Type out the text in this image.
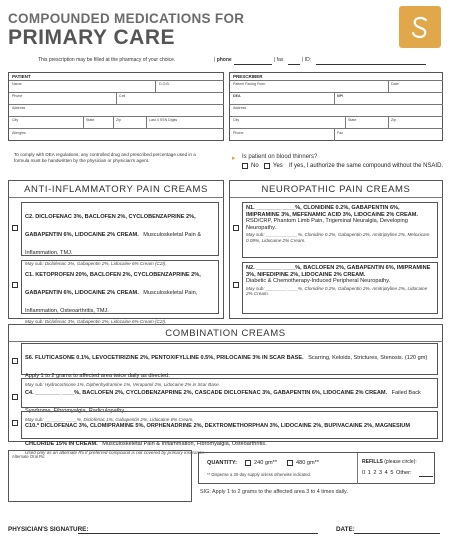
COMPOUNDED MEDICATIONS FOR
PRIMARY CARE
This prescription may be filled at the pharmacy of your choice.	| phone	| fax	| ID:
PATIENT
Name	D.O.B.
Phone	Cell
Address
City	State	Zip	Last 4 SSN Digits
Allergies
PRESCRIBER
Patient Facing Form	Date
DEA	NPI
Address
City	State	Zip
Phone	Fax
To comply with DEA regulations, any controlled drug and prescribed percentage used in a formula must be handwritten by the physician or physician's agent.	▸ Is patient on blood thinners?
No Yes If yes, I authorize the same compound without the NSAID.
ANTI-INFLAMMATORY PAIN CREAMS
C2. DICLOFENAC 3%, BACLOFEN 2%, CYCLOBENZAPRINE 2%, GABAPENTIN 6%, LIDOCAINE 2% CREAM. Musculoskeletal Pain & Inflammation, TMJ.
May sub: Diclofenac 3%, Gabapentin 2%, Lidocaine 6% Cream (C2I).
C1. KETOPROFEN 20%, BACLOFEN 2%, CYCLOBENZAPRINE 2%, GABAPENTIN 6%, LIDOCAINE 2% CREAM. Musculoskeletal Pain, Inflammation, Osteoarthritis, TMJ.
May sub: Diclofenac 3%, Gabapentin 2%, Lidocaine 6% Cream (C2I).
NEUROPATHIC PAIN CREAMS
N1. ________ ____%, CLONIDINE 0.2%, GABAPENTIN 6%, IMIPRAMINE 3%, MEFENAMIC ACID 3%, LIDOCAINE 2% CREAM.
RSD/CRP, Phantom Limb Pain, Trigeminal Neuralgia, Developing Neuropathy.
May sub: ________ ____%, Clonidine 0.2%, Gabapentin 2%, Amitriptyline 2%, Meloxicam 0.09%, Lidocaine 2% Cream.
N2. ________ ____%, BACLOFEN 2%, GABAPENTIN 6%, IMIPRAMINE 3%, NIFEDIPINE 2%, LIDOCAINE 2% CREAM.
Diabetic & Chemotherapy-Induced Peripheral Neuropathy.
May sub: ________ ____%, Clonidine 0.2%, Gabapentin 2%, Amitriptyline 2%, Lidocaine 2% Cream.
COMBINATION CREAMS
S6. FLUTICASONE 0.1%, LEVOCETIRIZINE 2%, PENTOXIFYLLINE 0.5%, PRILOCAINE 3% IN SCAR BASE. Scarring, Keloids, Strictures, Stenosis. (120 gm) Apply 1 to 2 grams to affected area twice daily as directed.
May sub: Hydrocortisone 1%, Diphenhydramine 1%, Verapamil 2%, Lidocaine 2% in Scar Base.
C4. ________ ____%, BACLOFEN 2%, CYCLOBENZAPRINE 2%, CASCADE DICLOFENAC 3%, GABAPENTIN 6%, LIDOCAINE 2% CREAM. Failed Back Syndrome, Fibromyalgia, Radiculopathy.
May sub: ________ ____%, Diclofenac 1%, Gabapentin 2%, Lidocaine 6% Cream.
C10.* DICLOFENAC 3%, CLOMIPRAMINE 5%, ORPHENADRINE 2%, DEXTROMETHORPHAN 3%, LIDOCAINE 2%, BUPIVACAINE 2%, MAGNESIUM CHLORIDE 15% IN CREAM. Musculoskeletal Pain & Inflammation, Fibromyalgia, Osteoarthritis.
Used only as an alternate Rx if preferred compound is not covered by primary insurance.
Alternate Oral Rx:
QUANTITY:	240 gm**	480 gm**
** Dispense a 30-day supply unless otherwise indicated.
REFILLS (please circle):
0 1 2 3 4 5 Other:
SIG: Apply 1 to 2 grams to the affected area 3 to 4 times daily.
PHYSICIAN'S SIGNATURE:	DATE:
